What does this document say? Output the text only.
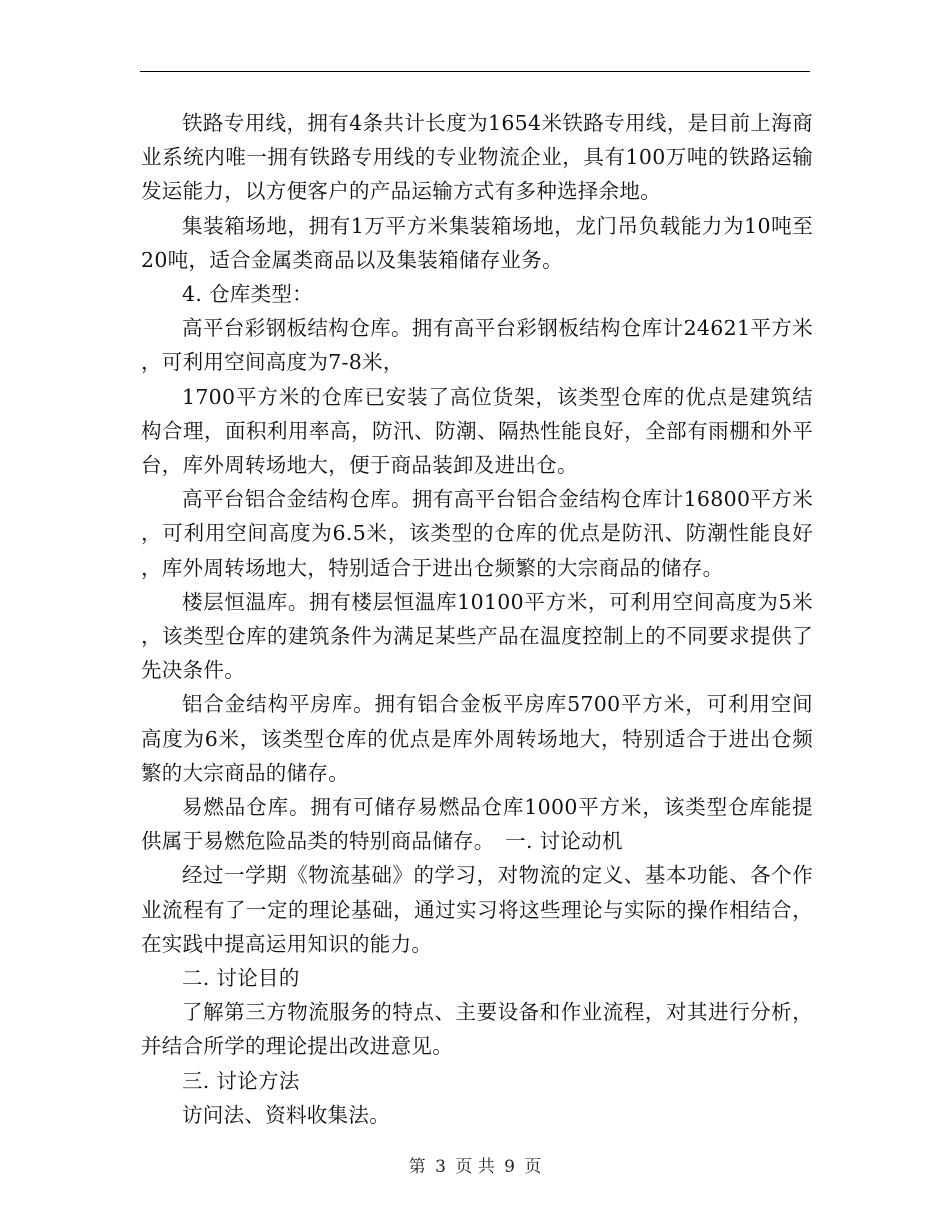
铁路专用线，拥有4条共计长度为1654米铁路专用线，是目前上海商业系统内唯一拥有铁路专用线的专业物流企业，具有100万吨的铁路运输发运能力，以方便客户的产品运输方式有多种选择余地。

集装箱场地，拥有1万平方米集装箱场地，龙门吊负载能力为10吨至20吨，适合金属类商品以及集装箱储存业务。

4. 仓库类型：

高平台彩钢板结构仓库。拥有高平台彩钢板结构仓库计24621平方米，可利用空间高度为7-8米，

1700平方米的仓库已安装了高位货架，该类型仓库的优点是建筑结构合理，面积利用率高，防汛、防潮、隔热性能良好，全部有雨棚和外平台，库外周转场地大，便于商品装卸及进出仓。

高平台铝合金结构仓库。拥有高平台铝合金结构仓库计16800平方米，可利用空间高度为6.5米，该类型的仓库的优点是防汛、防潮性能良好，库外周转场地大，特别适合于进出仓频繁的大宗商品的储存。

楼层恒温库。拥有楼层恒温库10100平方米，可利用空间高度为5米，该类型仓库的建筑条件为满足某些产品在温度控制上的不同要求提供了先决条件。

铝合金结构平房库。拥有铝合金板平房库5700平方米，可利用空间高度为6米，该类型仓库的优点是库外周转场地大，特别适合于进出仓频繁的大宗商品的储存。

易燃品仓库。拥有可储存易燃品仓库1000平方米，该类型仓库能提供属于易燃危险品类的特别商品储存。　一. 讨论动机

经过一学期《物流基础》的学习，对物流的定义、基本功能、各个作业流程有了一定的理论基础，通过实习将这些理论与实际的操作相结合，在实践中提高运用知识的能力。

二. 讨论目的

了解第三方物流服务的特点、主要设备和作业流程，对其进行分析，并结合所学的理论提出改进意见。

三. 讨论方法

访问法、资料收集法。

第 3 页 共 9 页
